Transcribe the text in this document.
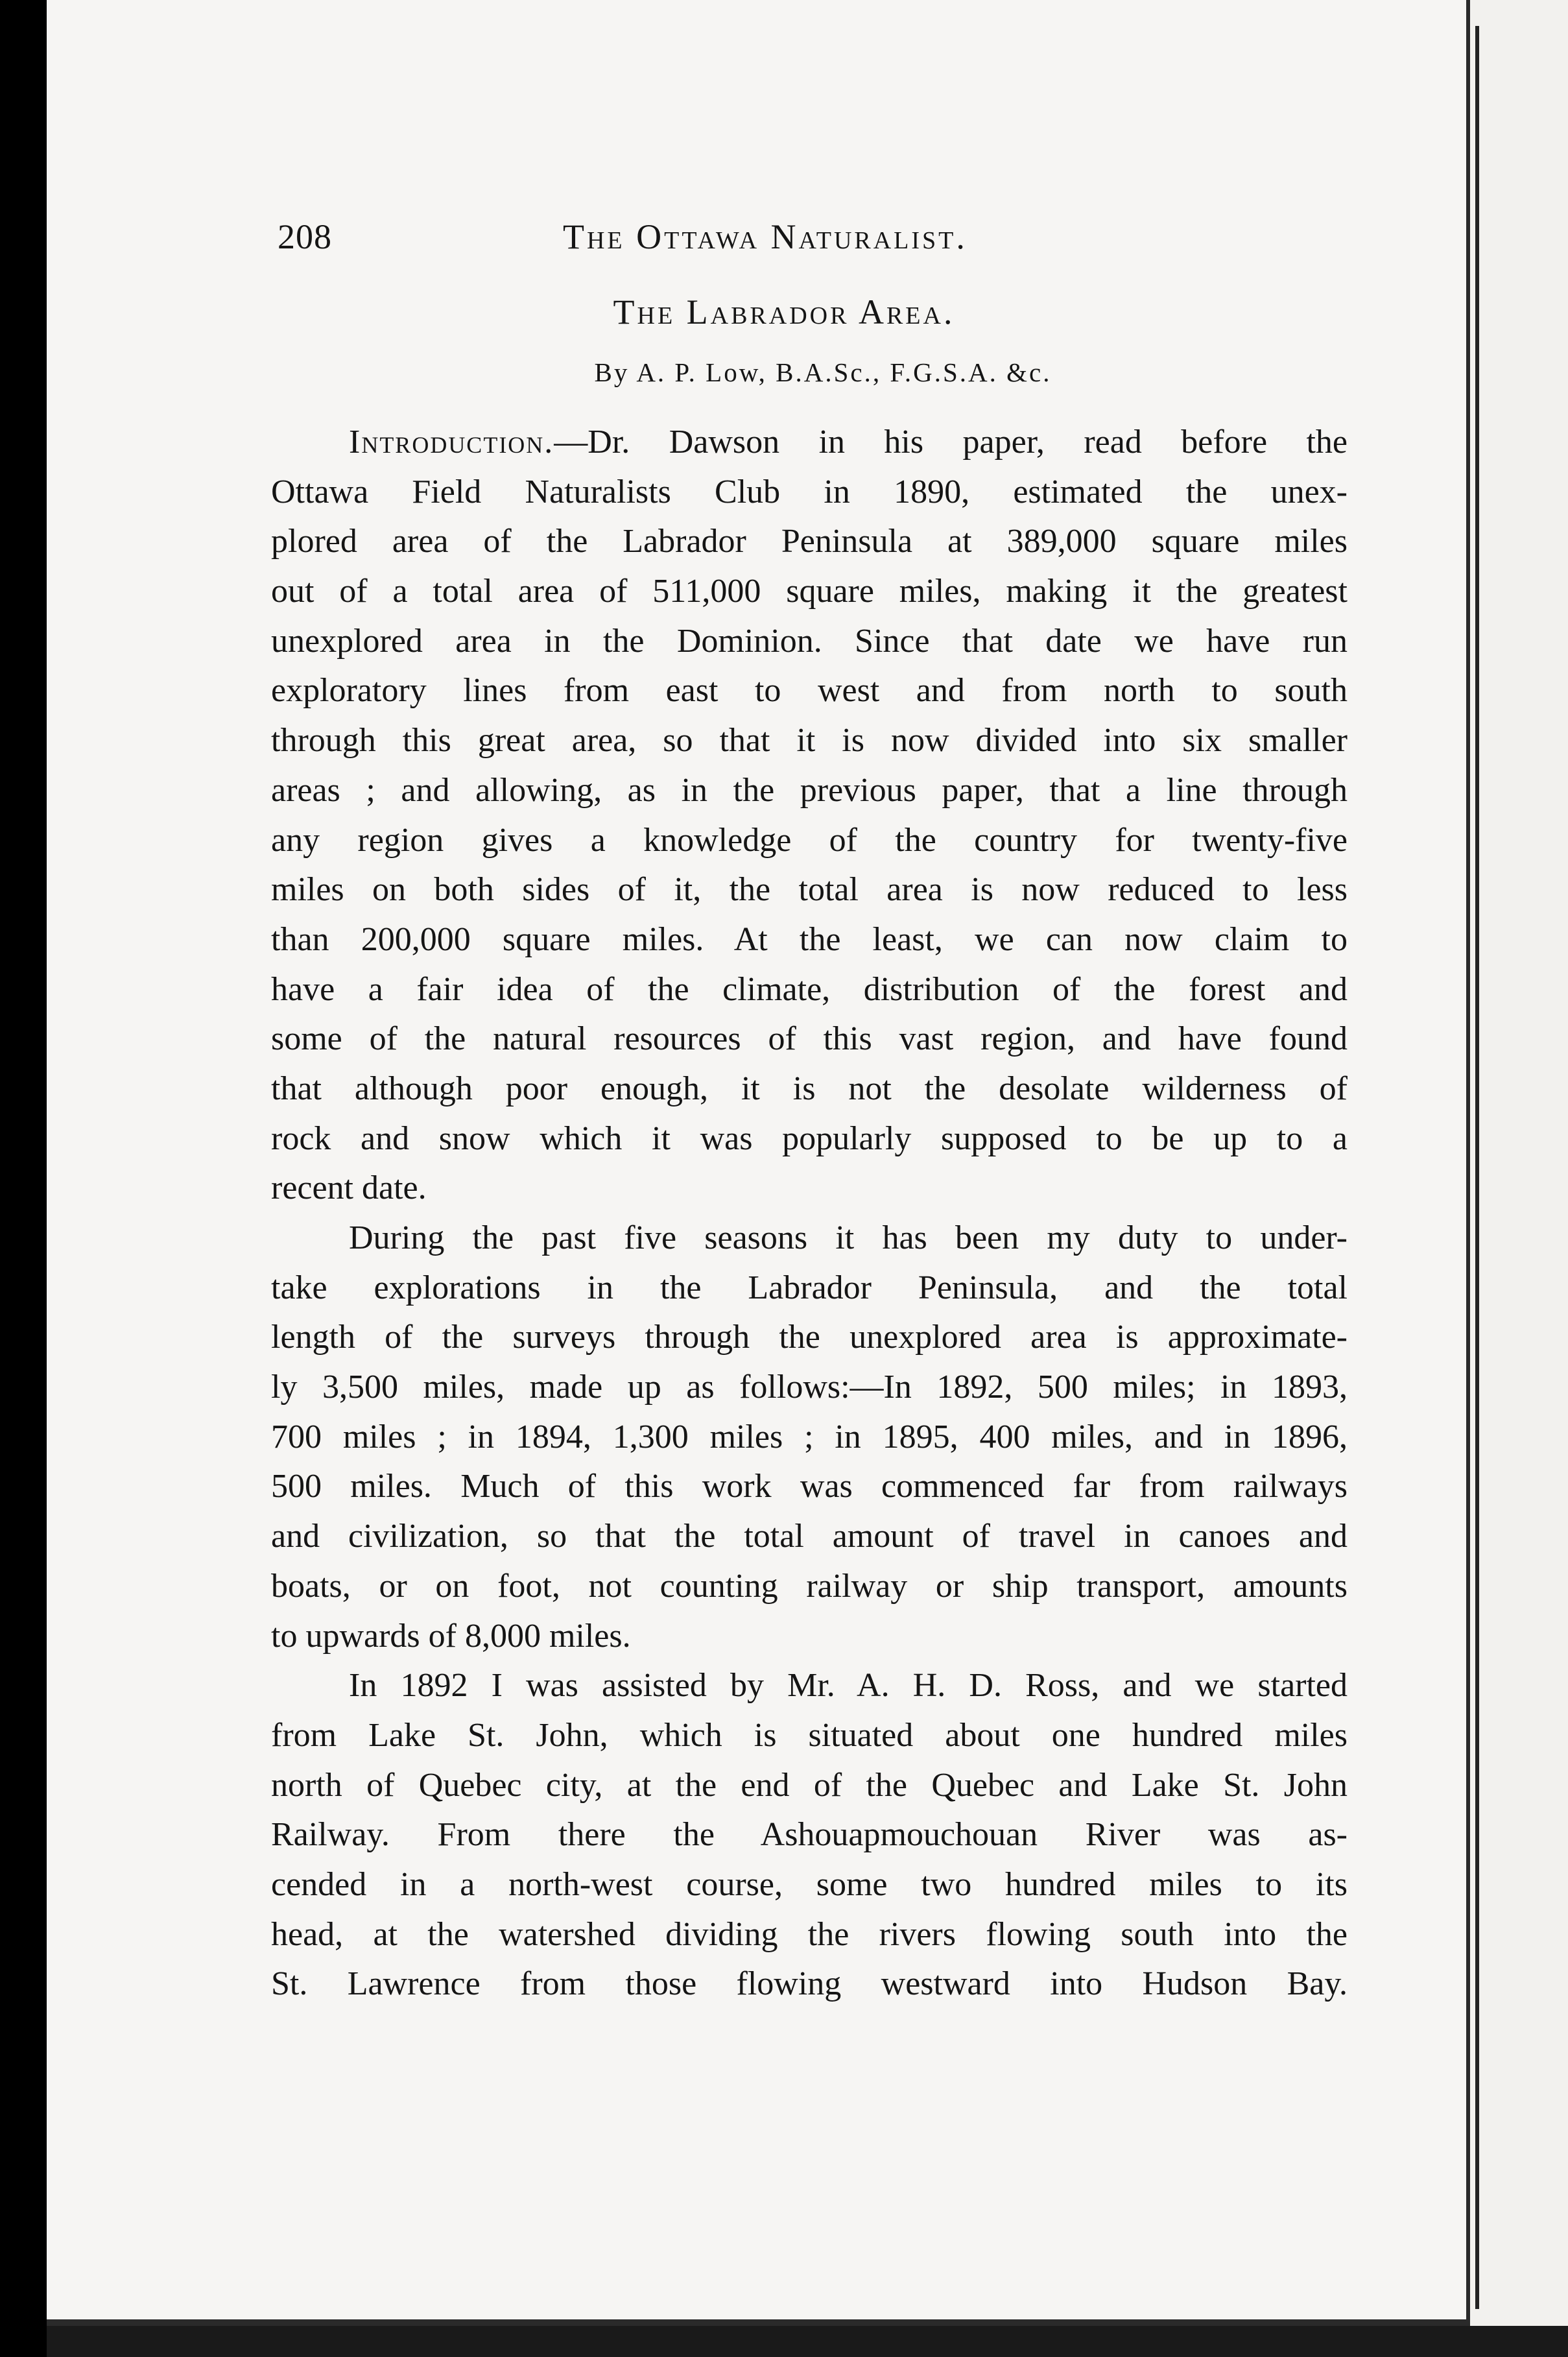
208	The Ottawa Naturalist.
The Labrador Area.
By A. P. Low, B.A.Sc., F.G.S.A. &c.
Introduction.—Dr. Dawson in his paper, read before the
Ottawa Field Naturalists Club in 1890, estimated the unex-
plored area of the Labrador Peninsula at 389,000 square miles
out of a total area of 511,000 square miles, making it the greatest
unexplored area in the Dominion. Since that date we have run
exploratory lines from east to west and from north to south
through this great area, so that it is now divided into six smaller
areas ; and allowing, as in the previous paper, that a line through
any region gives a knowledge of the country for twenty-five
miles on both sides of it, the total area is now reduced to less
than 200,000 square miles. At the least, we can now claim to
have a fair idea of the climate, distribution of the forest and
some of the natural resources of this vast region, and have found
that although poor enough, it is not the desolate wilderness of
rock and snow which it was popularly supposed to be up to a
recent date.
During the past five seasons it has been my duty to under-
take explorations in the Labrador Peninsula, and the total
length of the surveys through the unexplored area is approximate-
ly 3,500 miles, made up as follows:—In 1892, 500 miles; in 1893,
700 miles ; in 1894, 1,300 miles ; in 1895, 400 miles, and in 1896,
500 miles. Much of this work was commenced far from railways
and civilization, so that the total amount of travel in canoes and
boats, or on foot, not counting railway or ship transport, amounts
to upwards of 8,000 miles.
In 1892 I was assisted by Mr. A. H. D. Ross, and we started
from Lake St. John, which is situated about one hundred miles
north of Quebec city, at the end of the Quebec and Lake St. John
Railway. From there the Ashouapmouchouan River was as-
cended in a north-west course, some two hundred miles to its
head, at the watershed dividing the rivers flowing south into the
St. Lawrence from those flowing westward into Hudson Bay.
